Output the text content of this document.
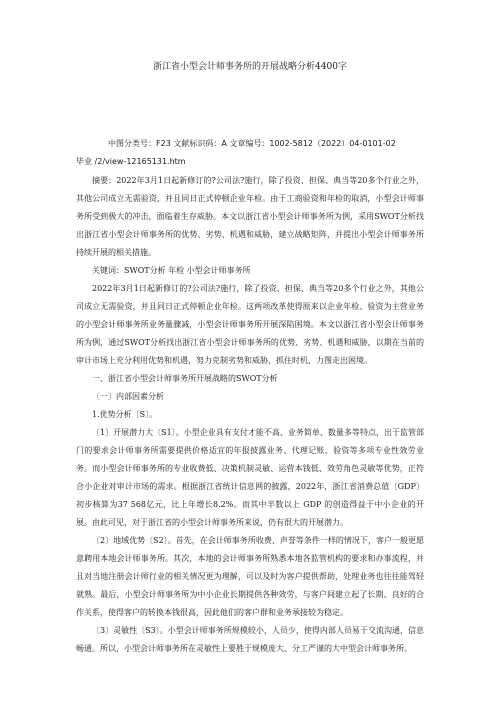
浙江省小型会计师事务所的开展战略分析4400字
中图分类号：F23 文献标识码：A 文章编号：1002-5812（2022）04-0101-02
毕业 /2/view-12165131.htm

摘要：2022年3月1日起新修订的?公司法?施行，除了投资、担保、典当等20多个行业之外，其他公司成立无需验资，并且同日正式停顿企业年检。由于工商验资和年检的取消，小型会计师事务所受到极大的冲击，面临着生存威胁。本文以浙江省小型会计师事务所为例，采用SWOT分析找出浙江省小型会计师事务所的优势、劣势、机遇和威胁，建立战略矩阵，并提出小型会计师事务所持续开展的相关措施。

关键词：SWOT分析 年检 小型会计师事务所

2022年3月1日起新修订的?公司法?施行，除了投资、担保、典当等20多个行业之外，其他公司成立无需验资，并且同日正式停顿企业年检。这两项改革使得原来以企业年检、验资为主营业务的小型会计师事务所业务量骤减，小型会计师事务所开展深陷困境。本文以浙江省小型会计师事务所为例，通过SWOT分析找出浙江省小型会计师事务所的优势、劣势、机遇和威胁，以期在当前的审计市场上充分利用优势和机遇，努力克制劣势和威胁，抓住时机，力图走出困境。

一、浙江省小型会计师事务所开展战略的SWOT分析

〔一〕内部因素分析

1.优势分析〔S〕。

〔1〕开展潜力大〔S1〕。小型企业具有支付才能不高、业务简单、数量多等特点，出于监管部门的要求会计师事务所需要提供价格适宜的年报披露业务、代理记账、验资等多项专业性效劳业务。而小型会计师事务所的专业收费低、决策机制灵敏、运营本钱低、效劳角色灵敏等优势，正符合小企业对审计市场的需求。根据浙江省统计信息网的披露，2022年，浙江省消费总值〔GDP〕初步核算为37 568亿元，比上年增长8.2%。而其中半数以上 GDP 的创造得益于中小企业的开展。由此可见，对于浙江省的小型会计师事务所来说，仍有很大的开展潜力。

〔2〕地域优势〔S2〕。首先，在会计师事务所收费、声誉等条件一样的情况下，客户一般更愿意聘用本地会计师事务所。其次，本地的会计师事务所熟悉本地各监管机构的要求和办事流程，并且对当地注册会计师行业的相关情况更为理解，可以及时为客户提供帮助，处理业务也往往能驾轻就熟。最后，小型会计师事务所为中小企业长期提供各种效劳，与客户间建立起了长期、良好的合作关系，使得客户的转换本钱很高，因此他们的客户群和业务承接较为稳定。

〔3〕灵敏性〔S3〕。小型会计师事务所规模较小，人员少，使得内部人员易于交流沟通，信息畅通。所以，小型会计师事务所在灵敏性上要胜于规模庞大、分工严谨的大中型会计师事务所。
